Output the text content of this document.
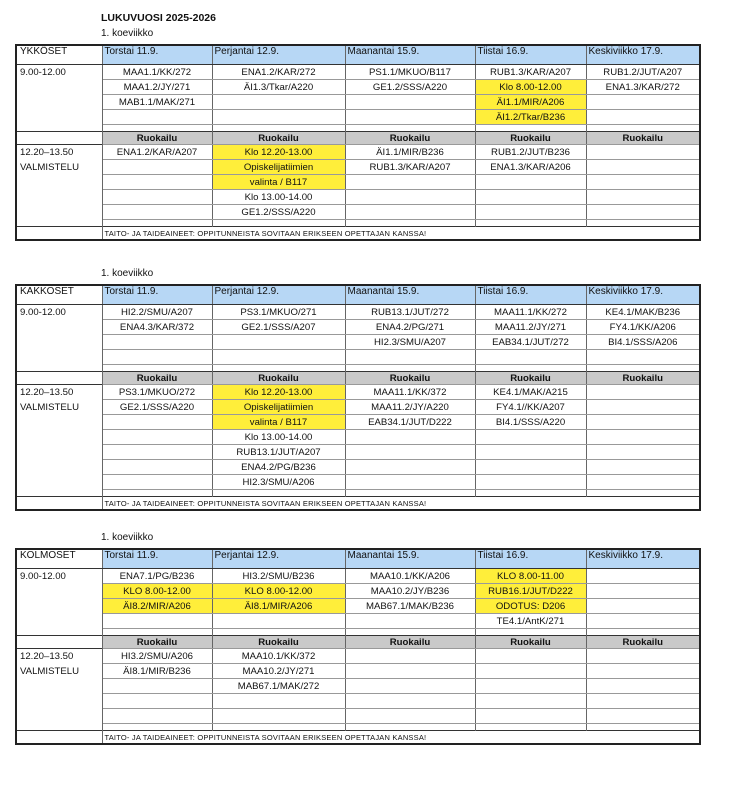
LUKUVUOSI 2025-2026
1. koeviikko
YKKÖSET	Torstai 11.9.	Perjantai 12.9.	Maanantai 15.9.	Tiistai 16.9.	Keskiviikko 17.9.
9.00-12.00	MAA1.1/KK/272	ENA1.2/KAR/272	PS1.1/MKUO/B117	RUB1.3/KAR/A207	RUB1.2/JUT/A207
	MAA1.2/JY/271	ÄI1.3/Tkar/A220	GE1.2/SSS/A220	Klo 8.00-12.00	ENA1.3/KAR/272
	MAB1.1/MAK/271			ÄI1.1/MIR/A206	
				ÄI1.2/Tkar/B236	

	Ruokailu	Ruokailu	Ruokailu	Ruokailu	Ruokailu
12.20–13.50	ENA1.2/KAR/A207	Klo 12.20-13.00	ÄI1.1/MIR/B236	RUB1.2/JUT/B236	
VALMISTELU		Opiskelijatiimien	RUB1.3/KAR/A207	ENA1.3/KAR/A206	
		valinta / B117			
		Klo 13.00-14.00			
		GE1.2/SSS/A220			

	TAITO- JA TAIDEAINEET: OPPITUNNEISTA SOVITAAN ERIKSEEN OPETTAJAN KANSSA!				
1. koeviikko
KAKKOSET	Torstai 11.9.	Perjantai 12.9.	Maanantai 15.9.	Tiistai 16.9.	Keskiviikko 17.9.
9.00-12.00	HI2.2/SMU/A207	PS3.1/MKUO/271	RUB13.1/JUT/272	MAA11.1/KK/272	KE4.1/MAK/B236
	ENA4.3/KAR/372	GE2.1/SSS/A207	ENA4.2/PG/271	MAA11.2/JY/271	FY4.1/KK/A206
			HI2.3/SMU/A207	EAB34.1/JUT/272	BI4.1/SSS/A206

	Ruokailu	Ruokailu	Ruokailu	Ruokailu	Ruokailu
12.20–13.50	PS3.1/MKUO/272	Klo 12.20-13.00	MAA11.1/KK/372	KE4.1/MAK/A215	
VALMISTELU	GE2.1/SSS/A220	Opiskelijatiimien	MAA11.2/JY/A220	FY4.1//KK/A207	
		valinta / B117	EAB34.1/JUT/D222	BI4.1/SSS/A220	
		Klo 13.00-14.00			
		RUB13.1/JUT/A207			
		ENA4.2/PG/B236			
		HI2.3/SMU/A206			

	TAITO- JA TAIDEAINEET: OPPITUNNEISTA SOVITAAN ERIKSEEN OPETTAJAN KANSSA!				
1. koeviikko
KOLMOSET	Torstai 11.9.	Perjantai 12.9.	Maanantai 15.9.	Tiistai 16.9.	Keskiviikko 17.9.
9.00-12.00	ENA7.1/PG/B236	HI3.2/SMU/B236	MAA10.1/KK/A206	KLO 8.00-11.00	
	KLO 8.00-12.00	KLO 8.00-12.00	MAA10.2/JY/B236	RUB16.1/JUT/D222	
	ÄI8.2/MIR/A206	ÄI8.1/MIR/A206	MAB67.1/MAK/B236	ODOTUS: D206	
				TE4.1/AntK/271	

	Ruokailu	Ruokailu	Ruokailu	Ruokailu	Ruokailu
12.20–13.50	HI3.2/SMU/A206	MAA10.1/KK/372			
VALMISTELU	ÄI8.1/MIR/B236	MAA10.2/JY/271			
		MAB67.1/MAK/272			

	TAITO- JA TAIDEAINEET: OPPITUNNEISTA SOVITAAN ERIKSEEN OPETTAJAN KANSSA!				
